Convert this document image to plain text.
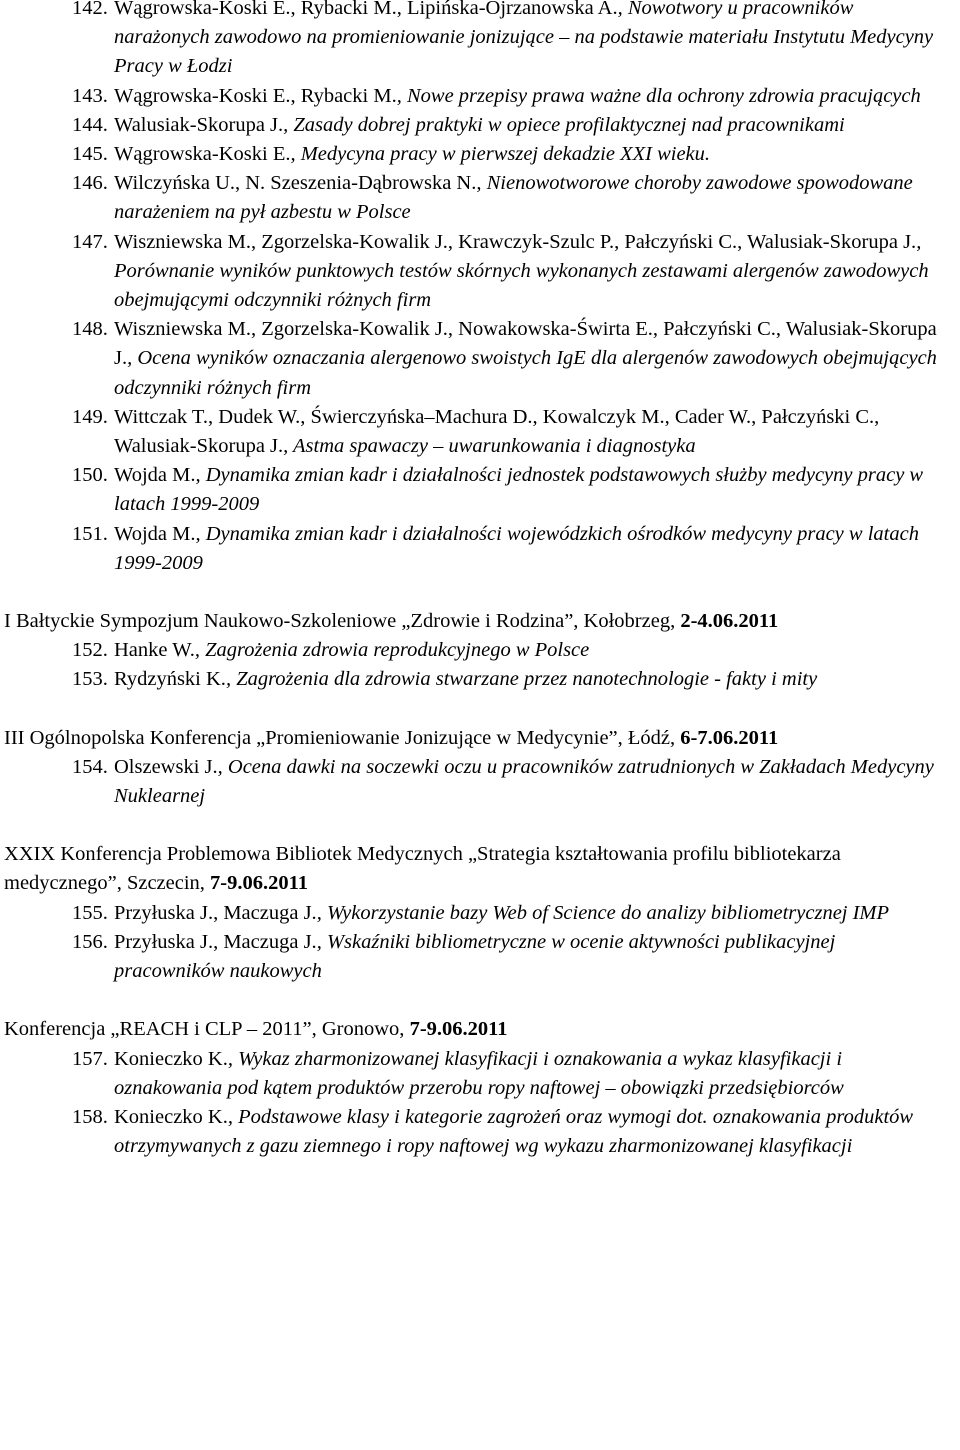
142. Wągrowska-Koski E., Rybacki M., Lipińska-Ojrzanowska A., Nowotwory u pracowników narażonych zawodowo na promieniowanie jonizujące – na podstawie materiału Instytutu Medycyny Pracy w Łodzi
143. Wągrowska-Koski E., Rybacki M., Nowe przepisy prawa ważne dla ochrony zdrowia pracujących
144. Walusiak-Skorupa J., Zasady dobrej praktyki w opiece profilaktycznej nad pracownikami
145. Wągrowska-Koski E., Medycyna pracy w pierwszej dekadzie XXI wieku.
146. Wilczyńska U., N. Szeszenia-Dąbrowska N., Nienowotworowe choroby zawodowe spowodowane narażeniem na pył azbestu w Polsce
147. Wiszniewska M., Zgorzelska-Kowalik J., Krawczyk-Szulc P., Pałczyński C., Walusiak-Skorupa J., Porównanie wyników punktowych testów skórnych wykonanych zestawami alergenów zawodowych obejmującymi odczynniki różnych firm
148. Wiszniewska M., Zgorzelska-Kowalik J., Nowakowska-Świrta E., Pałczyński C., Walusiak-Skorupa J., Ocena wyników oznaczania alergenowo swoistych IgE dla alergenów zawodowych obejmujących odczynniki różnych firm
149. Wittczak T., Dudek W., Świerczyńska–Machura D., Kowalczyk M., Cader W., Pałczyński C., Walusiak-Skorupa J., Astma spawaczy – uwarunkowania i diagnostyka
150. Wojda M., Dynamika zmian kadr i działalności jednostek podstawowych służby medycyny pracy w latach 1999-2009
151. Wojda M., Dynamika zmian kadr i działalności wojewódzkich ośrodków medycyny pracy w latach 1999-2009
I Bałtyckie Sympozjum Naukowo-Szkoleniowe „Zdrowie i Rodzina”, Kołobrzeg, 2-4.06.2011
152. Hanke W., Zagrożenia zdrowia reprodukcyjnego w Polsce
153. Rydzyński K., Zagrożenia dla zdrowia stwarzane przez nanotechnologie - fakty i mity
III Ogólnopolska Konferencja „Promieniowanie Jonizujące w Medycynie”, Łódź, 6-7.06.2011
154. Olszewski J., Ocena dawki na soczewki oczu u pracowników zatrudnionych w Zakładach Medycyny Nuklearnej
XXIX Konferencja Problemowa Bibliotek Medycznych „Strategia kształtowania profilu bibliotekarza medycznego”, Szczecin, 7-9.06.2011
155. Przyłuska J., Maczuga J., Wykorzystanie bazy Web of Science do analizy bibliometrycznej IMP
156. Przyłuska J., Maczuga J., Wskaźniki bibliometryczne w ocenie aktywności publikacyjnej pracowników naukowych
Konferencja „REACH i CLP – 2011”, Gronowo, 7-9.06.2011
157. Konieczko K., Wykaz zharmonizowanej klasyfikacji i oznakowania a wykaz klasyfikacji i oznakowania pod kątem produktów przerobu ropy naftowej – obowiązki przedsiębiorców
158. Konieczko K., Podstawowe klasy i kategorie zagrożeń oraz wymogi dot. oznakowania produktów otrzymywanych z gazu ziemnego i ropy naftowej wg wykazu zharmonizowanej klasyfikacji
